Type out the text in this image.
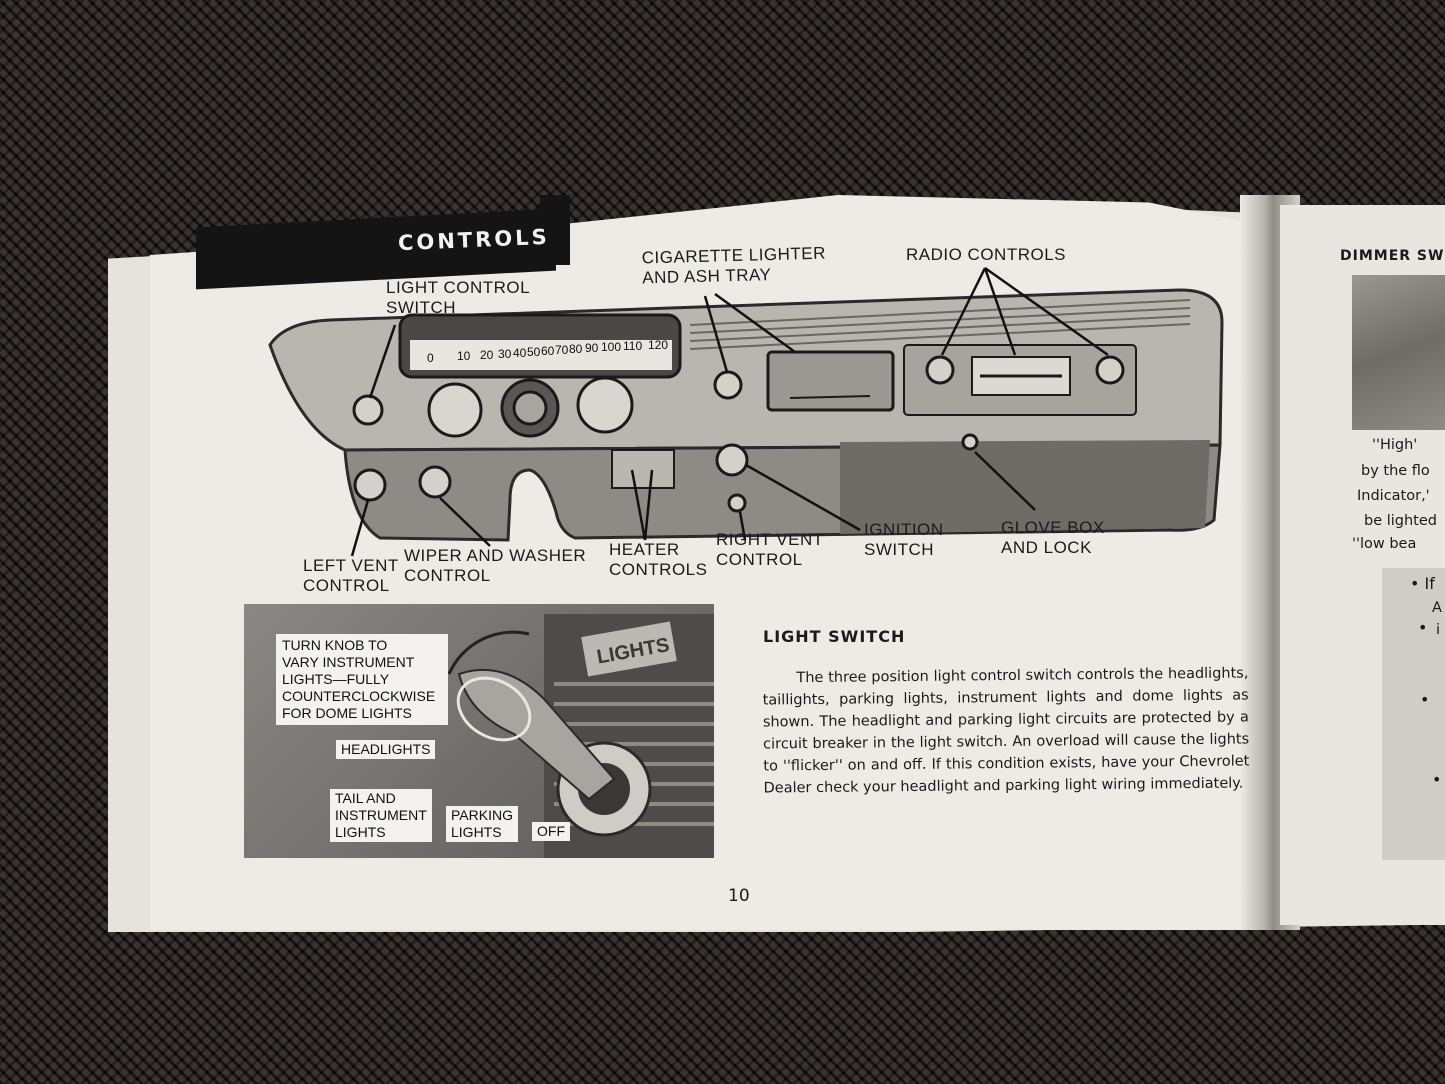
CONTROLS
0 10 20 30 40 50 60 70 80 90 100 110 120
LIGHT CONTROL
SWITCH
CIGARETTE LIGHTER
AND ASH TRAY
RADIO CONTROLS
LEFT VENT
CONTROL
WIPER AND WASHER
CONTROL
HEATER
CONTROLS
RIGHT VENT
CONTROL
IGNITION
SWITCH
GLOVE BOX
AND LOCK
LIGHTS
TURN KNOB TO
VARY INSTRUMENT
LIGHTS—FULLY
COUNTERCLOCKWISE
FOR DOME LIGHTS
HEADLIGHTS
TAIL AND
INSTRUMENT
LIGHTS
PARKING
LIGHTS	OFF
LIGHT SWITCH
The three position light control switch controls the headlights, taillights, parking lights, instrument lights and dome lights as shown. The headlight and parking light circuits are protected by a circuit breaker in the light switch. An overload will cause the lights to ''flicker'' on and off. If this condition exists, have your Chevrolet Dealer check your headlight and parking light wiring immediately.
10
DIMMER SW
''High'
by the flo
Indicator,'
be lighted
''low bea
• If
A
• i
•
•
